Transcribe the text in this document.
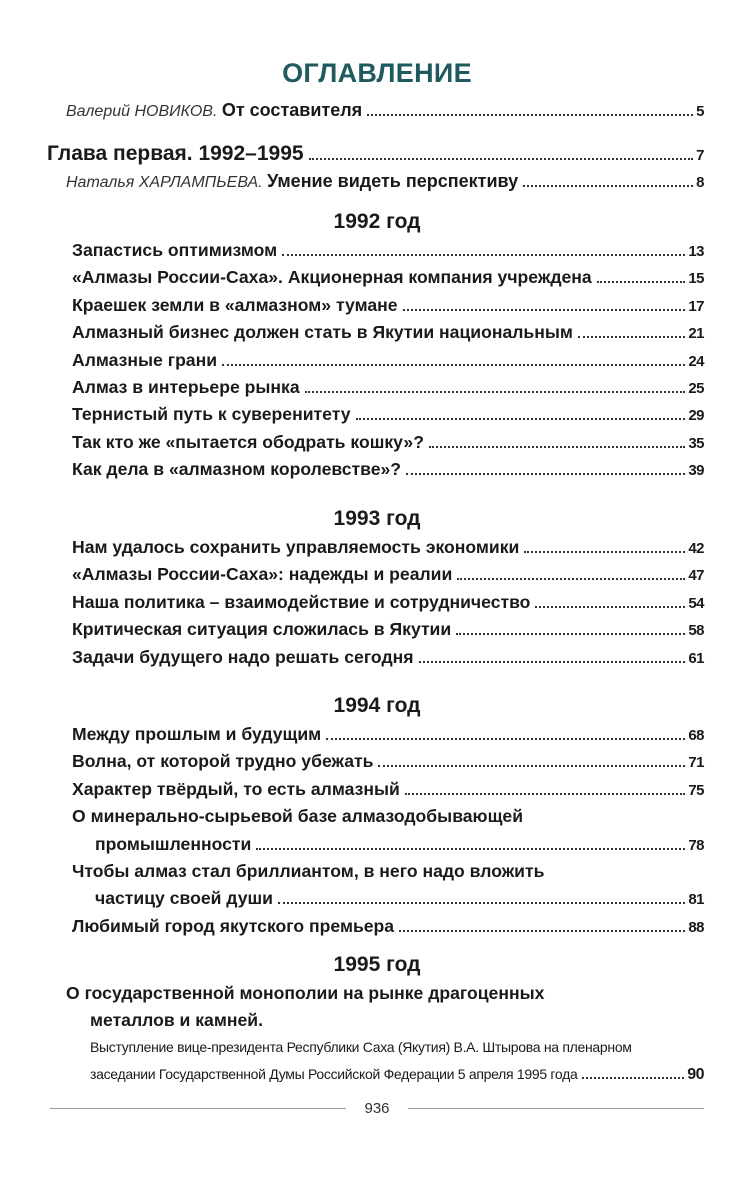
ОГЛАВЛЕНИЕ
Валерий НОВИКОВ. От составителя	5
Глава первая. 1992–1995	7
Наталья ХАРЛАМПЬЕВА. Умение видеть перспективу	8
1992 год
Запастись оптимизмом	13
«Алмазы России-Саха». Акционерная компания учреждена	15
Краешек земли в «алмазном» тумане	17
Алмазный бизнес должен стать в Якутии национальным	21
Алмазные грани	24
Алмаз в интерьере рынка	25
Тернистый путь к суверенитету	29
Так кто же «пытается ободрать кошку»?	35
Как дела в «алмазном королевстве»?	39
1993 год
Нам удалось сохранить управляемость экономики	42
«Алмазы России-Саха»: надежды и реалии	47
Наша политика – взаимодействие и сотрудничество	54
Критическая ситуация сложилась в Якутии	58
Задачи будущего надо решать сегодня	61
1994 год
Между прошлым и будущим	68
Волна, от которой трудно убежать	71
Характер твёрдый, то есть алмазный	75
О минерально-сырьевой базе алмазодобывающей
промышленности	78
Чтобы алмаз стал бриллиантом, в него надо вложить
частицу своей души	81
Любимый город якутского премьера	88
1995 год
О государственной монополии на рынке драгоценных
металлов и камней.
Выступление вице-президента Республики Саха (Якутия) В.А. Штырова на пленарном
заседании Государственной Думы Российской Федерации 5 апреля 1995 года	90
936
